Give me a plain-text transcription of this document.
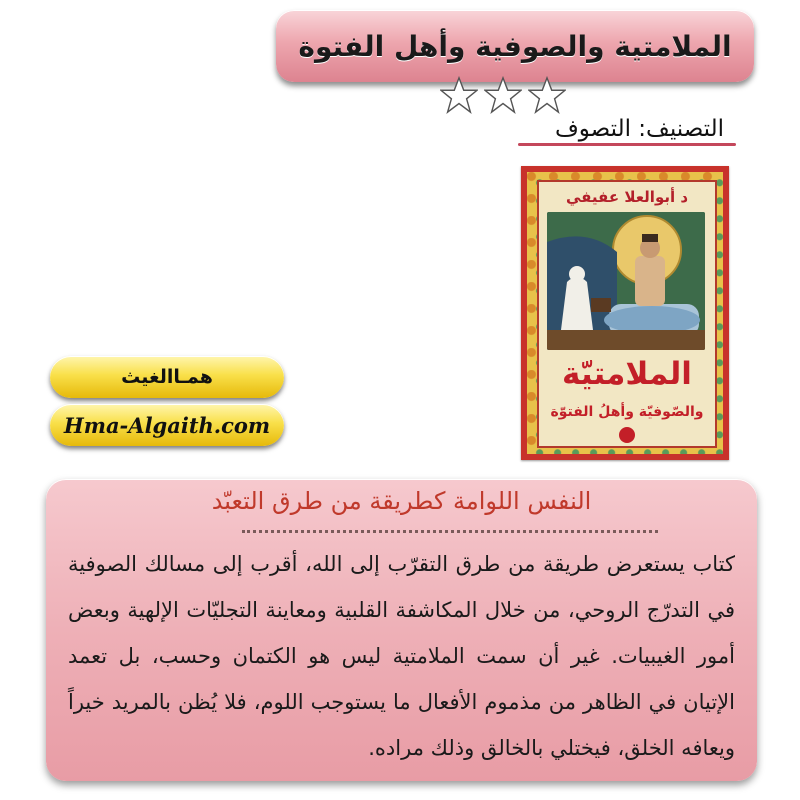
الملامتية والصوفية وأهل الفتوة
التصنيف: التصوف
د أبوالعلا عفيفي
الملامتيّة
والصّوفيّة وأهلُ الفتوّة
همـاالغيث
Hma-Algaith.com
النفس اللوامة كطريقة من طرق التعبّد
كتاب يستعرض طريقة من طرق التقرّب إلى الله، أقرب إلى مسالك الصوفية في التدرّج الروحي، من خلال المكاشفة القلبية ومعاينة التجليّات الإلهية وبعض أمور الغيبيات. غير أن سمت الملامتية ليس هو الكتمان وحسب، بل تعمد الإتيان في الظاهر من مذموم الأفعال ما يستوجب اللوم، فلا يُظن بالمريد خيراً ويعافه الخلق، فيختلي بالخالق وذلك مراده.
